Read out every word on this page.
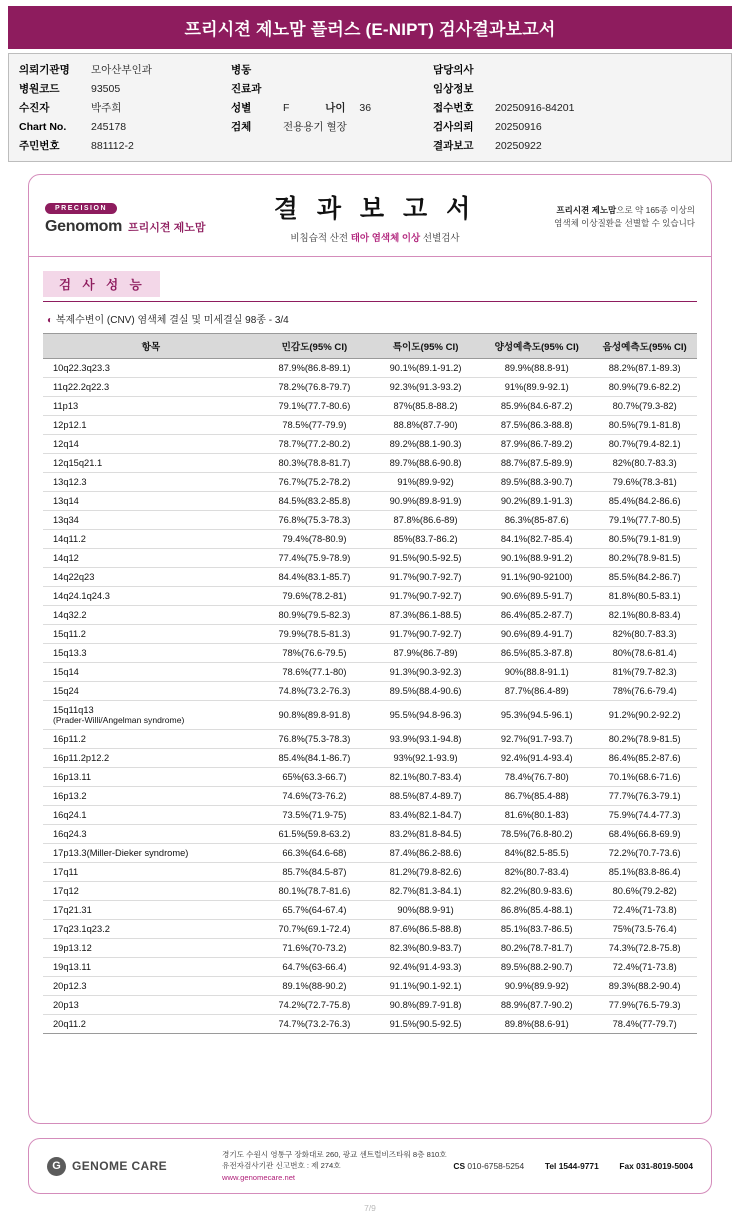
프리시젼 제노맘 플러스 (E-NIPT) 검사결과보고서
의뢰기관명	모아산부인과	병동	담당의사
병원코드	93505	진료과	임상정보
수진자	박주희	성별	F	나이 36	접수번호	20250916-84201
Chart No.	245178	검체	전용용기 혈장	검사의뢰	20250916
주민번호	881112-2	결과보고	20250922
PRECISION
Genomom 프리시젼 제노맘
결 과 보 고 서
비침습적 산전 태아 염색체 이상 선별검사
프리시젼 제노맘으로 약 165종 이상의
염색체 이상질환을 선별할 수 있습니다
검 사 성 능
◐ 복제수변이 (CNV) 염색체 결실 및 미세결실 98종 - 3/4
항목	민감도(95% CI)	특이도(95% CI)	양성예측도(95% CI)	음성예측도(95% CI)
10q22.3q23.3	87.9%(86.8-89.1)	90.1%(89.1-91.2)	89.9%(88.8-91)	88.2%(87.1-89.3)
11q22.2q22.3	78.2%(76.8-79.7)	92.3%(91.3-93.2)	91%(89.9-92.1)	80.9%(79.6-82.2)
11p13	79.1%(77.7-80.6)	87%(85.8-88.2)	85.9%(84.6-87.2)	80.7%(79.3-82)
12p12.1	78.5%(77-79.9)	88.8%(87.7-90)	87.5%(86.3-88.8)	80.5%(79.1-81.8)
12q14	78.7%(77.2-80.2)	89.2%(88.1-90.3)	87.9%(86.7-89.2)	80.7%(79.4-82.1)
12q15q21.1	80.3%(78.8-81.7)	89.7%(88.6-90.8)	88.7%(87.5-89.9)	82%(80.7-83.3)
13q12.3	76.7%(75.2-78.2)	91%(89.9-92)	89.5%(88.3-90.7)	79.6%(78.3-81)
13q14	84.5%(83.2-85.8)	90.9%(89.8-91.9)	90.2%(89.1-91.3)	85.4%(84.2-86.6)
13q34	76.8%(75.3-78.3)	87.8%(86.6-89)	86.3%(85-87.6)	79.1%(77.7-80.5)
14q11.2	79.4%(78-80.9)	85%(83.7-86.2)	84.1%(82.7-85.4)	80.5%(79.1-81.9)
14q12	77.4%(75.9-78.9)	91.5%(90.5-92.5)	90.1%(88.9-91.2)	80.2%(78.9-81.5)
14q22q23	84.4%(83.1-85.7)	91.7%(90.7-92.7)	91.1%(90-92100)	85.5%(84.2-86.7)
14q24.1q24.3	79.6%(78.2-81)	91.7%(90.7-92.7)	90.6%(89.5-91.7)	81.8%(80.5-83.1)
14q32.2	80.9%(79.5-82.3)	87.3%(86.1-88.5)	86.4%(85.2-87.7)	82.1%(80.8-83.4)
15q11.2	79.9%(78.5-81.3)	91.7%(90.7-92.7)	90.6%(89.4-91.7)	82%(80.7-83.3)
15q13.3	78%(76.6-79.5)	87.9%(86.7-89)	86.5%(85.3-87.8)	80%(78.6-81.4)
15q14	78.6%(77.1-80)	91.3%(90.3-92.3)	90%(88.8-91.1)	81%(79.7-82.3)
15q24	74.8%(73.2-76.3)	89.5%(88.4-90.6)	87.7%(86.4-89)	78%(76.6-79.4)
15q11q13
(Prader-Willi/Angelman syndrome)	90.8%(89.8-91.8)	95.5%(94.8-96.3)	95.3%(94.5-96.1)	91.2%(90.2-92.2)
16p11.2	76.8%(75.3-78.3)	93.9%(93.1-94.8)	92.7%(91.7-93.7)	80.2%(78.9-81.5)
16p11.2p12.2	85.4%(84.1-86.7)	93%(92.1-93.9)	92.4%(91.4-93.4)	86.4%(85.2-87.6)
16p13.11	65%(63.3-66.7)	82.1%(80.7-83.4)	78.4%(76.7-80)	70.1%(68.6-71.6)
16p13.2	74.6%(73-76.2)	88.5%(87.4-89.7)	86.7%(85.4-88)	77.7%(76.3-79.1)
16q24.1	73.5%(71.9-75)	83.4%(82.1-84.7)	81.6%(80.1-83)	75.9%(74.4-77.3)
16q24.3	61.5%(59.8-63.2)	83.2%(81.8-84.5)	78.5%(76.8-80.2)	68.4%(66.8-69.9)
17p13.3(Miller-Dieker syndrome)	66.3%(64.6-68)	87.4%(86.2-88.6)	84%(82.5-85.5)	72.2%(70.7-73.6)
17q11	85.7%(84.5-87)	81.2%(79.8-82.6)	82%(80.7-83.4)	85.1%(83.8-86.4)
17q12	80.1%(78.7-81.6)	82.7%(81.3-84.1)	82.2%(80.9-83.6)	80.6%(79.2-82)
17q21.31	65.7%(64-67.4)	90%(88.9-91)	86.8%(85.4-88.1)	72.4%(71-73.8)
17q23.1q23.2	70.7%(69.1-72.4)	87.6%(86.5-88.8)	85.1%(83.7-86.5)	75%(73.5-76.4)
19p13.12	71.6%(70-73.2)	82.3%(80.9-83.7)	80.2%(78.7-81.7)	74.3%(72.8-75.8)
19q13.11	64.7%(63-66.4)	92.4%(91.4-93.3)	89.5%(88.2-90.7)	72.4%(71-73.8)
20p12.3	89.1%(88-90.2)	91.1%(90.1-92.1)	90.9%(89.9-92)	89.3%(88.2-90.4)
20p13	74.2%(72.7-75.8)	90.8%(89.7-91.8)	88.9%(87.7-90.2)	77.9%(76.5-79.3)
20q11.2	74.7%(73.2-76.3)	91.5%(90.5-92.5)	89.8%(88.6-91)	78.4%(77-79.7)
G GENOME CARE
경기도 수원시 영통구 장화대로 260, 광교 센트럴비즈타워 8층 810호
유전자검사기관 신고번호 : 제 274호
www.genomecare.net
CS 010-6758-5254 Tel 1544-9771 Fax 031-8019-5004
7/9
